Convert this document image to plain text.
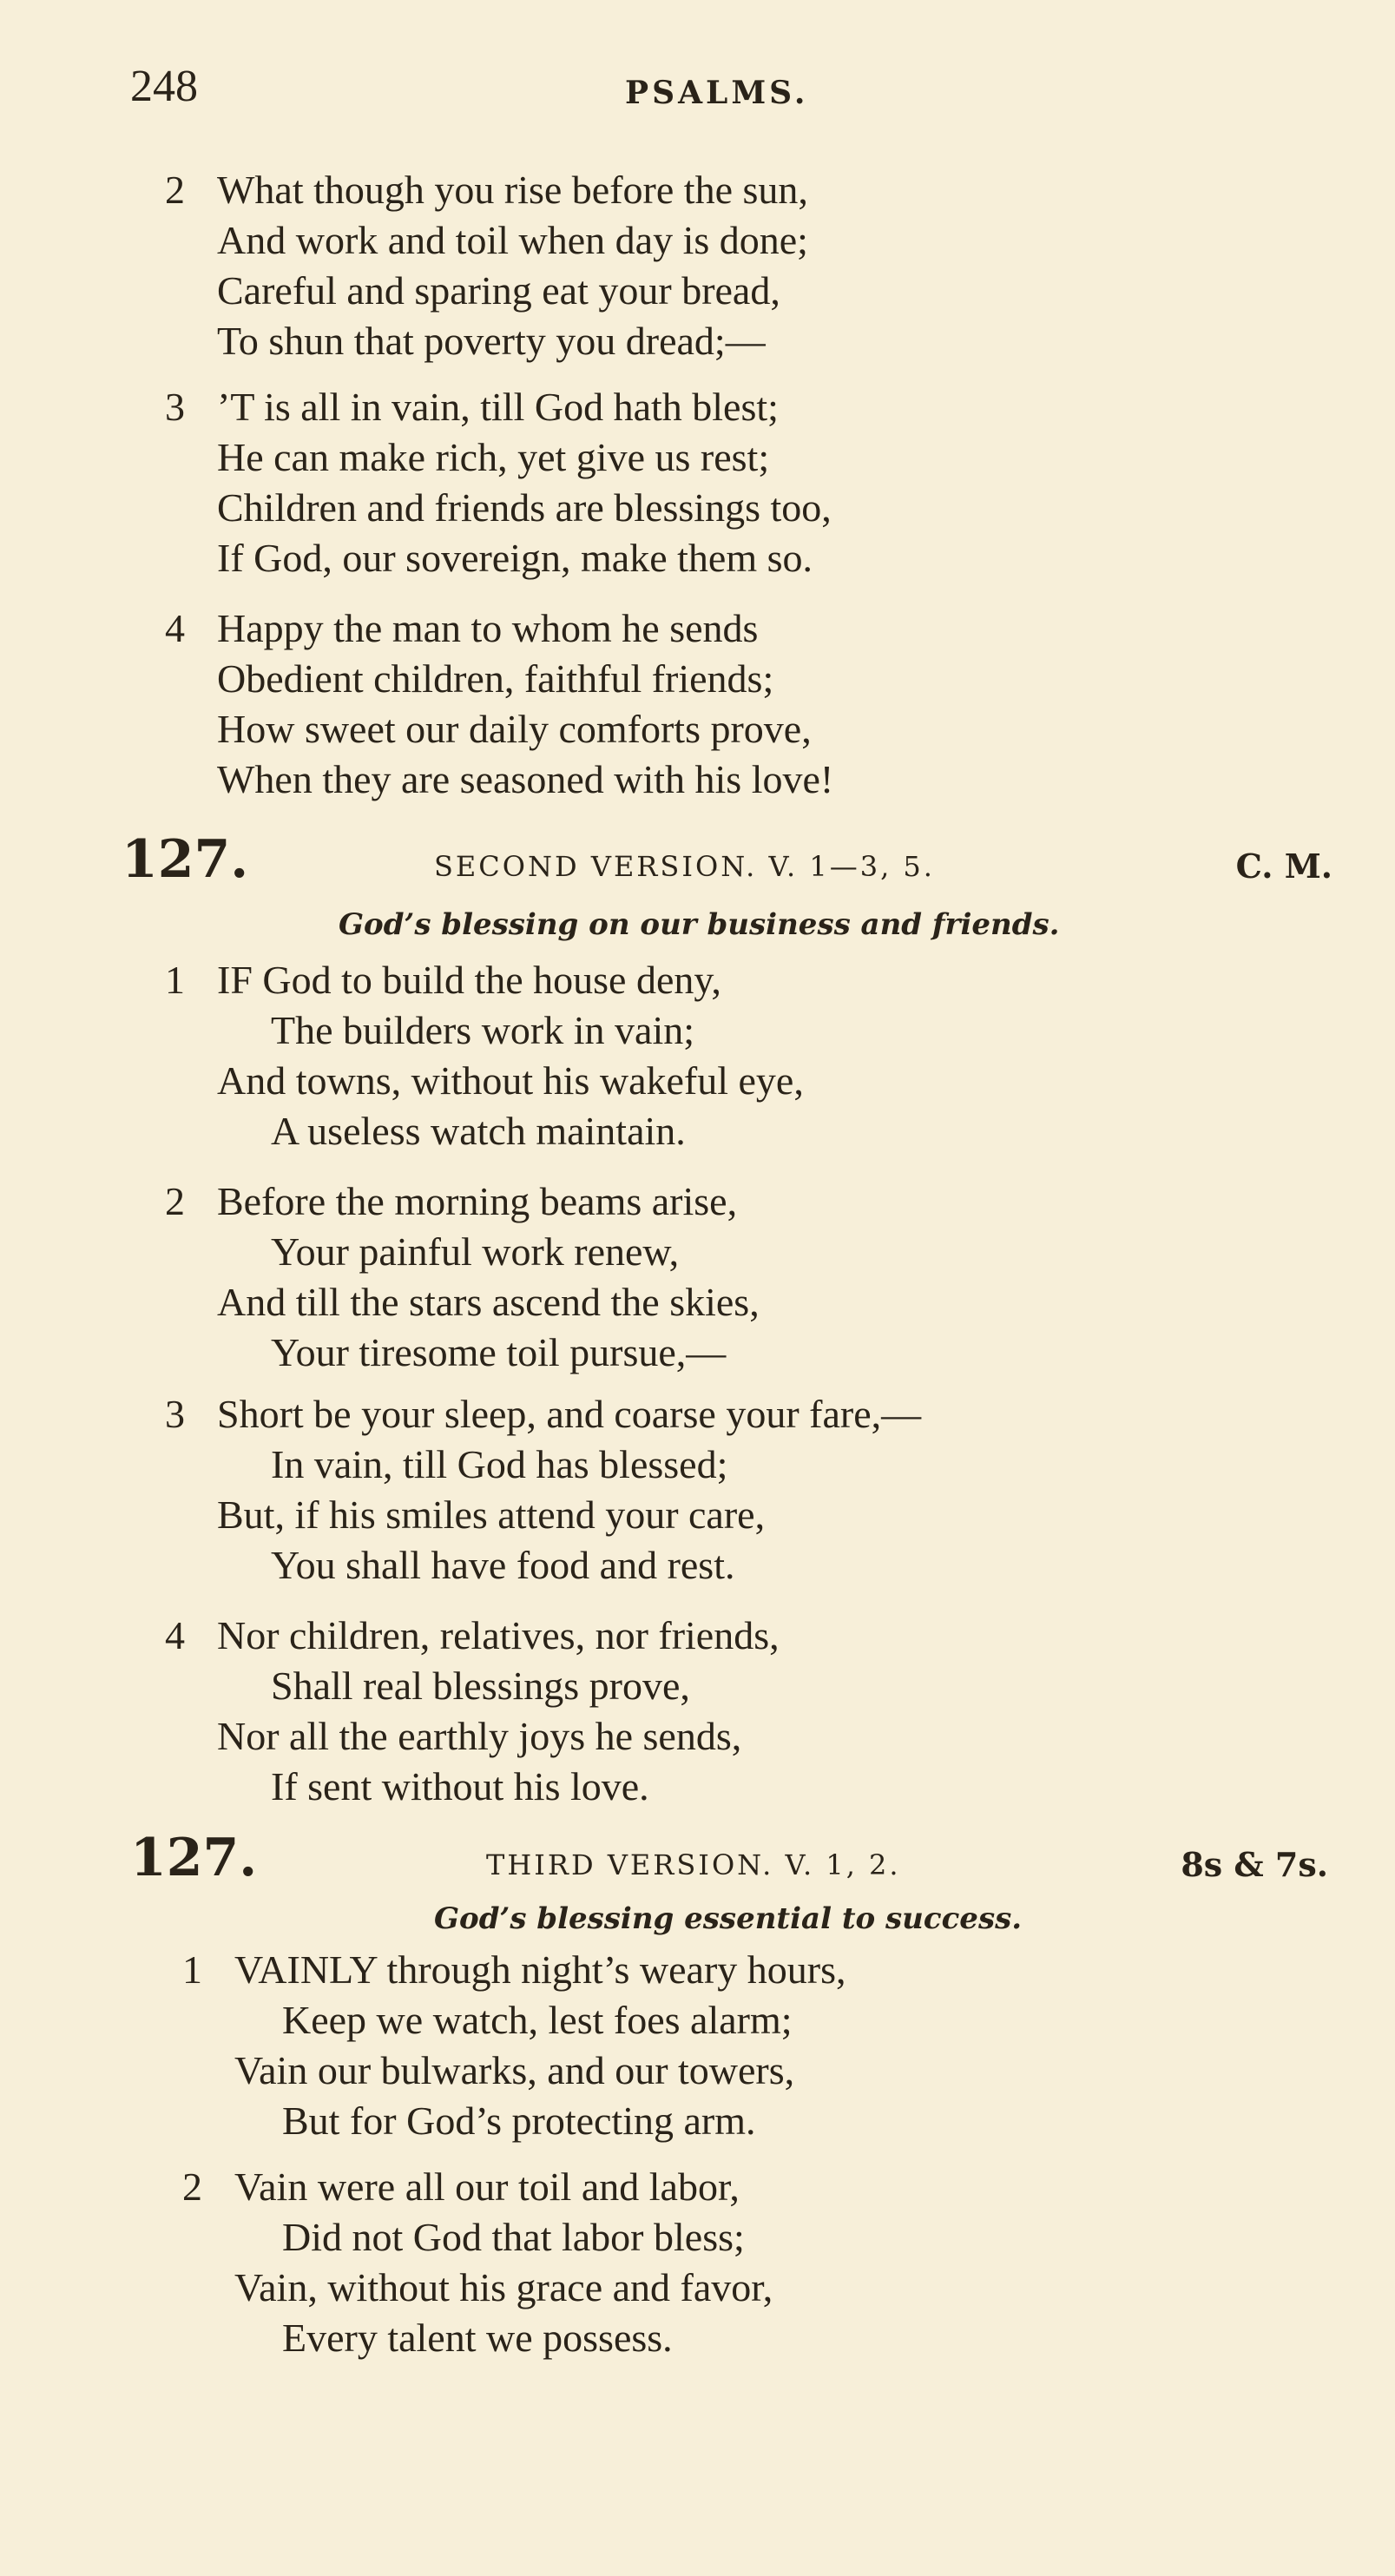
248	PSALMS.
2 What though you rise before the sun,
And work and toil when day is done;
Careful and sparing eat your bread,
To shun that poverty you dread;—
3 ’T is all in vain, till God hath blest;
He can make rich, yet give us rest;
Children and friends are blessings too,
If God, our sovereign, make them so.
4 Happy the man to whom he sends
Obedient children, faithful friends;
How sweet our daily comforts prove,
When they are seasoned with his love!
127.	SECOND VERSION. V. 1—3, 5.	C. M.
God’s blessing on our business and friends.
1 IF God to build the house deny,
The builders work in vain;
And towns, without his wakeful eye,
A useless watch maintain.
2 Before the morning beams arise,
Your painful work renew,
And till the stars ascend the skies,
Your tiresome toil pursue,—
3 Short be your sleep, and coarse your fare,—
In vain, till God has blessed;
But, if his smiles attend your care,
You shall have food and rest.
4 Nor children, relatives, nor friends,
Shall real blessings prove,
Nor all the earthly joys he sends,
If sent without his love.
127.	THIRD VERSION. V. 1, 2.	8s & 7s.
God’s blessing essential to success.
1 VAINLY through night’s weary hours,
Keep we watch, lest foes alarm;
Vain our bulwarks, and our towers,
But for God’s protecting arm.
2 Vain were all our toil and labor,
Did not God that labor bless;
Vain, without his grace and favor,
Every talent we possess.
